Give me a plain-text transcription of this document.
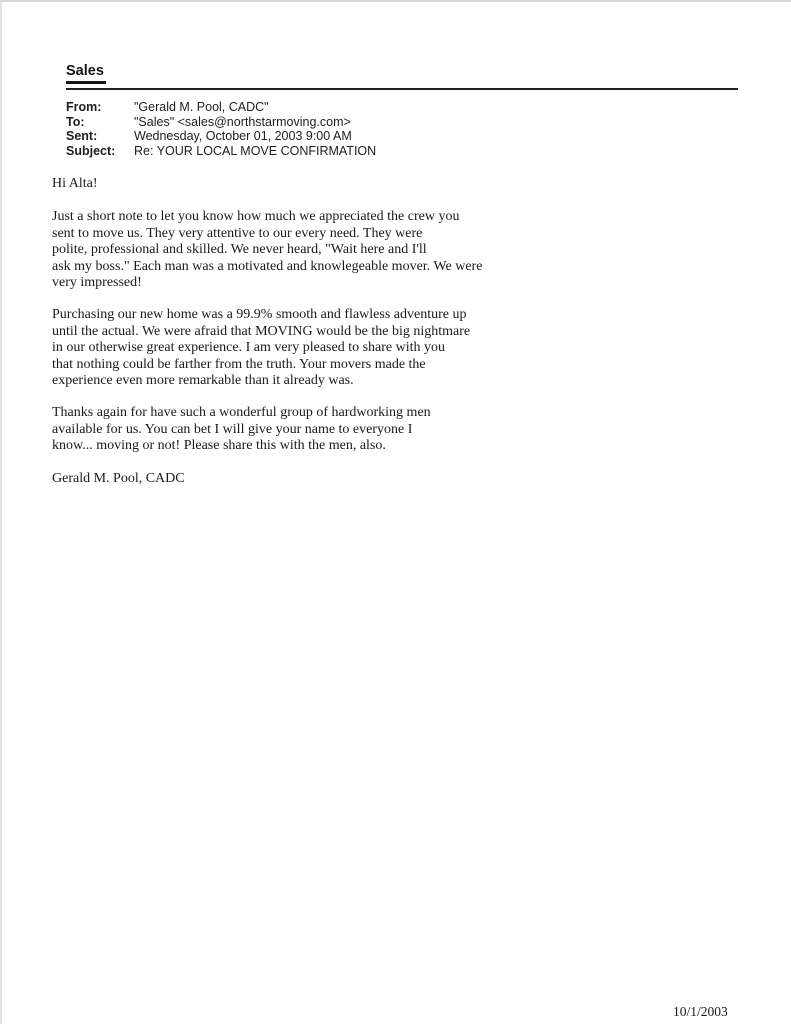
Sales
From:	"Gerald M. Pool, CADC"
To:	"Sales" <sales@northstarmoving.com>
Sent:	Wednesday, October 01, 2003 9:00 AM
Subject:	Re: YOUR LOCAL MOVE CONFIRMATION
Hi Alta!
Just a short note to let you know how much we appreciated the crew you
sent to move us. They very attentive to our every need. They were
polite, professional and skilled. We never heard, "Wait here and I'll
ask my boss." Each man was a motivated and knowlegeable mover. We were
very impressed!
Purchasing our new home was a 99.9% smooth and flawless adventure up
until the actual. We were afraid that MOVING would be the big nightmare
in our otherwise great experience. I am very pleased to share with you
that nothing could be farther from the truth. Your movers made the
experience even more remarkable than it already was.
Thanks again for have such a wonderful group of hardworking men
available for us. You can bet I will give your name to everyone I
know... moving or not! Please share this with the men, also.
Gerald M. Pool, CADC
10/1/2003
